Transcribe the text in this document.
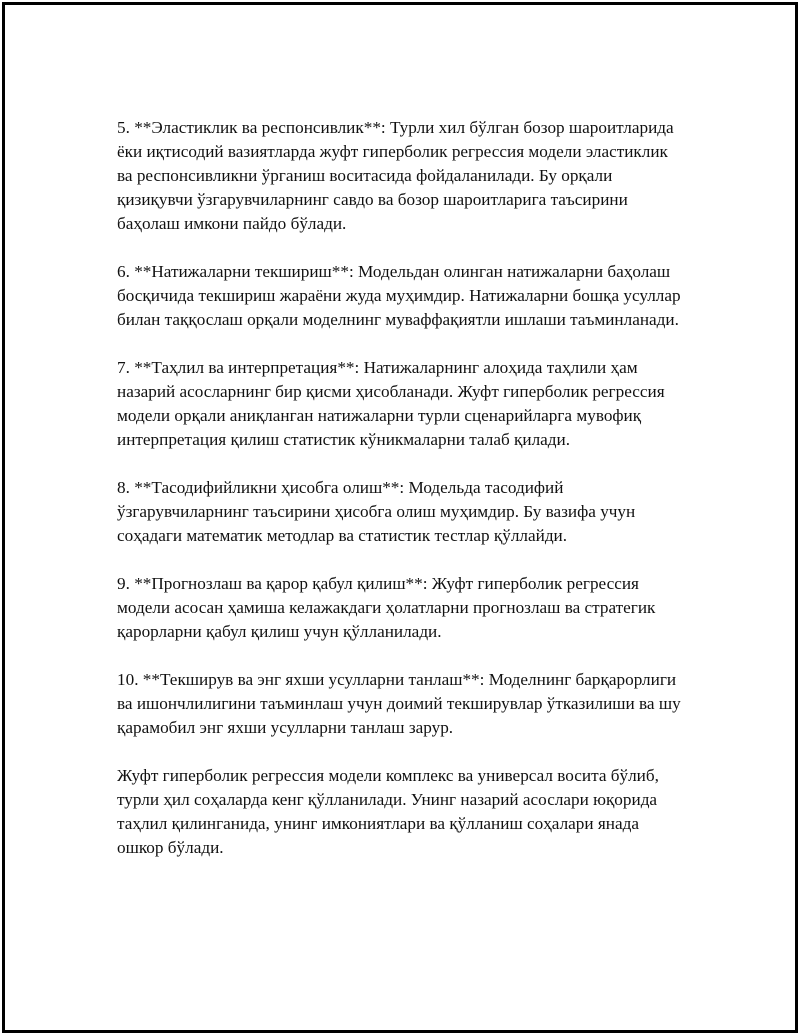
5. **Эластиклик ва респонсивлик**: Турли хил бўлган бозор шароитларида ёки иқтисодий вазиятларда жуфт гиперболик регрессия модели эластиклик ва респонсивликни ўрганиш воситасида фойдаланилади. Бу орқали қизиқувчи ўзгарувчиларнинг савдо ва бозор шароитларига таъсирини баҳолаш имкони пайдо бўлади.

6. **Натижаларни текшириш**: Модельдан олинган натижаларни баҳолаш босқичида текшириш жараёни жуда муҳимдир. Натижаларни бошқа усуллар билан таққослаш орқали моделнинг муваффақиятли ишлаши таъминланади.

7. **Таҳлил ва интерпретация**: Натижаларнинг алоҳида таҳлили ҳам назарий асосларнинг бир қисми ҳисобланади. Жуфт гиперболик регрессия модели орқали аниқланган натижаларни турли сценарийларга мувофиқ интерпретация қилиш статистик кўникмаларни талаб қилади.

8. **Тасодифийликни ҳисобга олиш**: Модельда тасодифий ўзгарувчиларнинг таъсирини ҳисобга олиш муҳимдир. Бу вазифа учун соҳадаги математик методлар ва статистик тестлар қўллайди.

9. **Прогнозлаш ва қарор қабул қилиш**: Жуфт гиперболик регрессия модели асосан ҳамиша келажакдаги ҳолатларни прогнозлаш ва стратегик қарорларни қабул қилиш учун қўлланилади.

10. **Текширув ва энг яхши усулларни танлаш**: Моделнинг барқарорлиги ва ишончлилигини таъминлаш учун доимий текширувлар ўтказилиши ва шу қарамобил энг яхши усулларни танлаш зарур.

Жуфт гиперболик регрессия модели комплекс ва универсал восита бўлиб, турли ҳил соҳаларда кенг қўлланилади. Унинг назарий асослари юқорида таҳлил қилинганида, унинг имкониятлари ва қўлланиш соҳалари янада ошкор бўлади.
